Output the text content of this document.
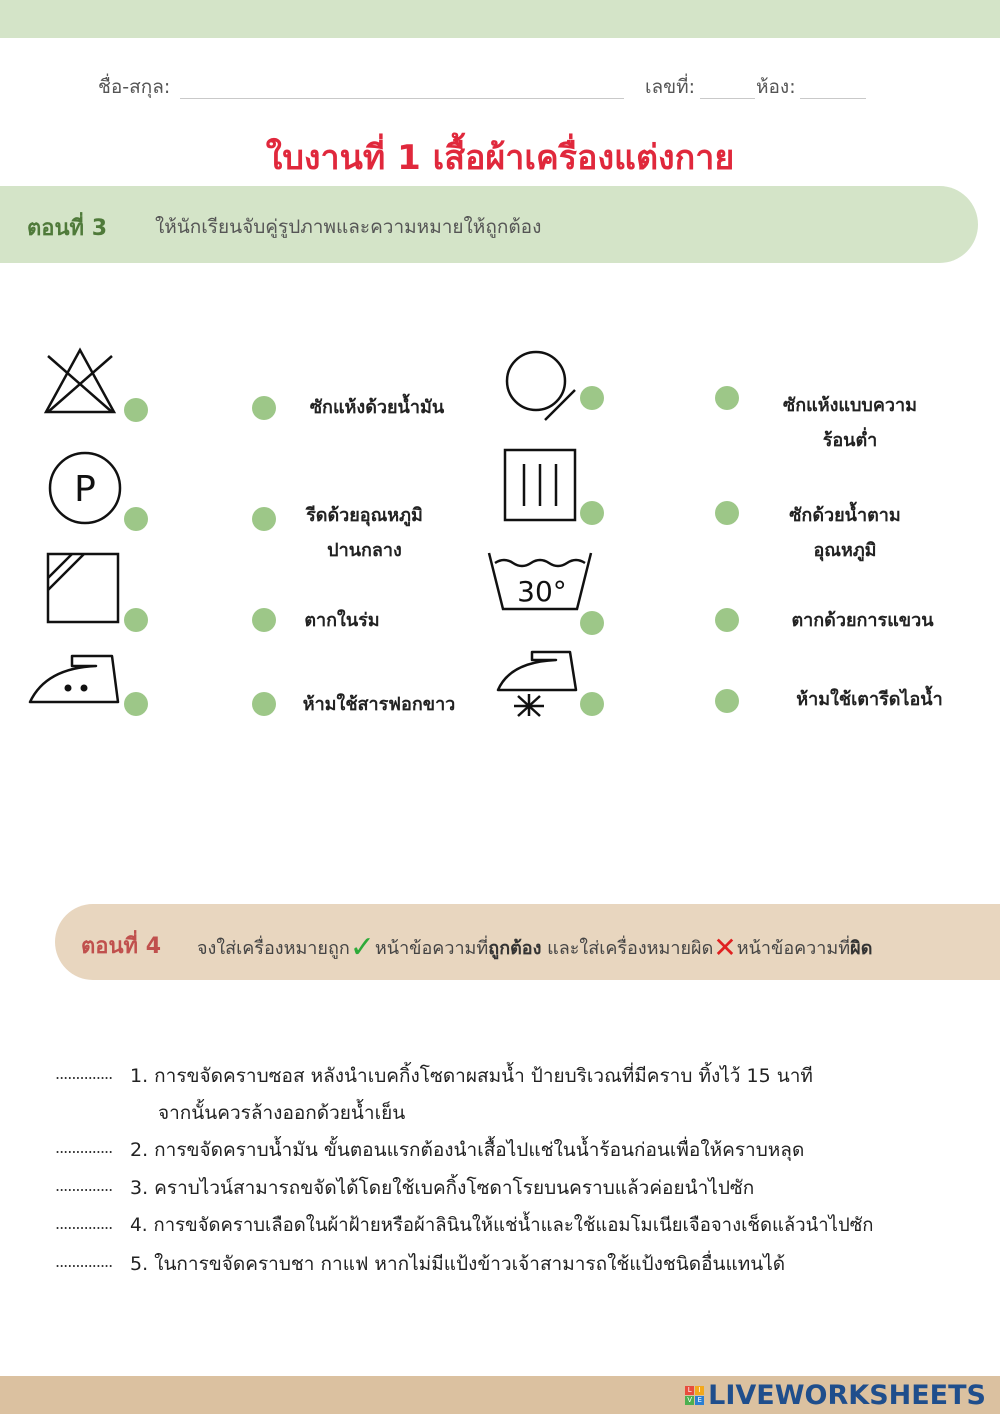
ชื่อ-สกุล:	เลขที่:	ห้อง:
ใบงานที่ 1 เสื้อผ้าเครื่องแต่งกาย
ตอนที่ 3	ให้นักเรียนจับคู่รูปภาพและความหมายให้ถูกต้อง
P
30°
ซักแห้งด้วยน้ำมัน
รีดด้วยอุณหภูมิ
ปานกลาง
ตากในร่ม
ห้ามใช้สารฟอกขาว
ซักแห้งแบบความ
ร้อนต่ำ
ซักด้วยน้ำตาม
อุณหภูมิ
ตากด้วยการแขวน
ห้ามใช้เตารีดไอน้ำ
ตอนที่ 4 จงใส่เครื่องหมายถูก✓หน้าข้อความที่ถูกต้อง และใส่เครื่องหมายผิด✕หน้าข้อความที่ผิด
.............. 1. การขจัดคราบซอส หลังนำเบคกิ้งโซดาผสมน้ำ ป้ายบริเวณที่มีคราบ ทิ้งไว้ 15 นาที
จากนั้นควรล้างออกด้วยน้ำเย็น
.............. 2. การขจัดคราบน้ำมัน ขั้นตอนแรกต้องนำเสื้อไปแช่ในน้ำร้อนก่อนเพื่อให้คราบหลุด
.............. 3. คราบไวน์สามารถขจัดได้โดยใช้เบคกิ้งโซดาโรยบนคราบแล้วค่อยนำไปซัก
.............. 4. การขจัดคราบเลือดในผ้าฝ้ายหรือผ้าลินินให้แช่น้ำและใช้แอมโมเนียเจือจางเช็ดแล้วนำไปซัก
.............. 5. ในการขจัดคราบชา กาแฟ หากไม่มีแป้งข้าวเจ้าสามารถใช้แป้งชนิดอื่นแทนได้
L	I
V E LIVEWORKSHEETS
